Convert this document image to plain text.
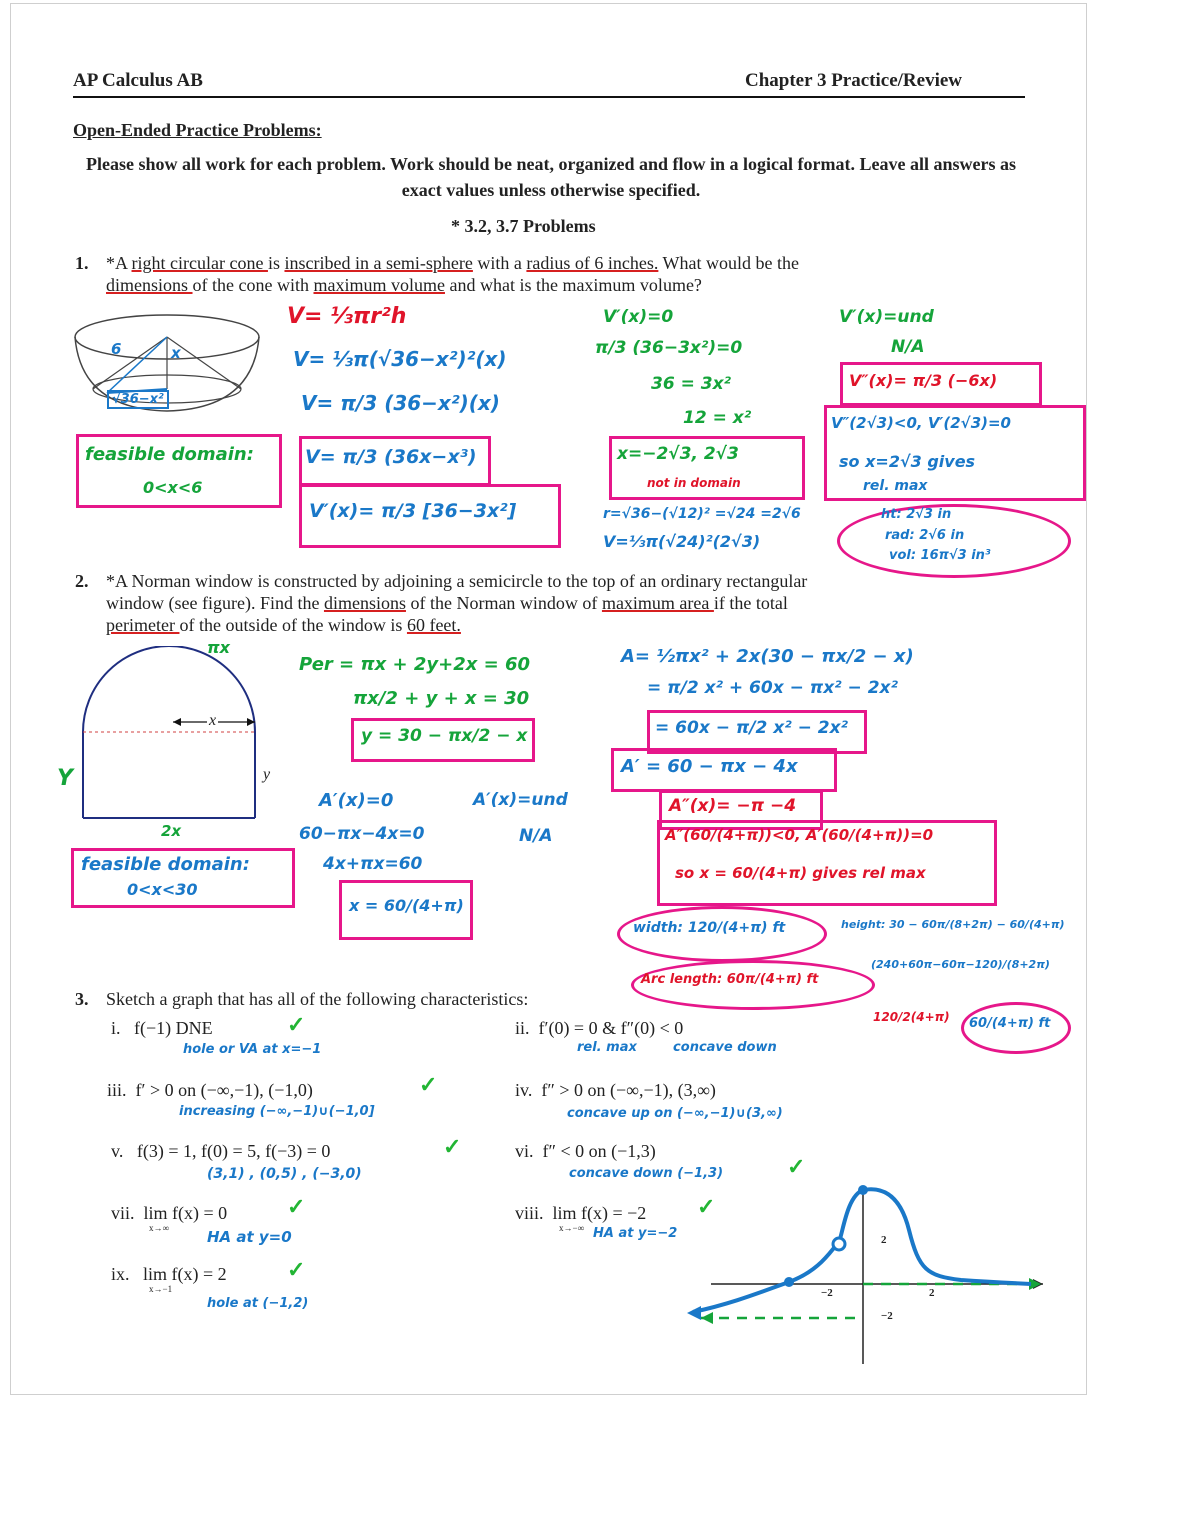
AP Calculus AB	Chapter 3 Practice/Review
Open-Ended Practice Problems:
Please show all work for each problem. Work should be neat, organized and flow in a logical format. Leave all answers as exact values unless otherwise specified.
* 3.2, 3.7 Problems
1. *A right circular cone is inscribed in a semi-sphere with a radius of 6 inches. What would be the
dimensions of the cone with maximum volume and what is the maximum volume?
6	x
√36−x²
V= ⅓πr²h
V= ⅓π(√36−x²)²(x)
V= π/3 (36−x²)(x)
feasible domain:
0<x<6
V= π/3 (36x−x³)
V′(x)= π/3 [36−3x²]
V′(x)=0
π/3 (36−3x²)=0
36 = 3x²
12 = x²
x=−2√3, 2√3
not in domain
r=√36−(√12)² =√24 =2√6
V=⅓π(√24)²(2√3)
V′(x)=und
N/A
V″(x)= π/3 (−6x)
V″(2√3)<0, V′(2√3)=0
so x=2√3 gives
rel. max
ht: 2√3 in
rad: 2√6 in
vol: 16π√3 in³
2. *A Norman window is constructed by adjoining a semicircle to the top of an ordinary rectangular
window (see figure). Find the dimensions of the Norman window of maximum area if the total
perimeter of the outside of the window is 60 feet.
x
y
πx
Y
2x
feasible domain:
0<x<30
Per = πx + 2y+2x = 60
πx/2 + y + x = 30
y = 30 − πx/2 − x
A′(x)=0
60−πx−4x=0
4x+πx=60
x = 60/(4+π)
A′(x)=und
N/A
A= ½πx² + 2x(30 − πx/2 − x)
= π/2 x² + 60x − πx² − 2x²
= 60x − π/2 x² − 2x²
A′ = 60 − πx − 4x
A″(x)= −π −4
A″(60/(4+π))<0, A′(60/(4+π))=0
so x = 60/(4+π) gives rel max
width: 120/(4+π) ft
Arc length: 60π/(4+π) ft
height: 30 − 60π/(8+2π) − 60/(4+π)
(240+60π−60π−120)/(8+2π)
120/2(4+π) 60/(4+π) ft
3. Sketch a graph that has all of the following characteristics:
i. f(−1) DNE	✓
hole or VA at x=−1
iii. f′ > 0 on (−∞,−1), (−1,0)	✓
increasing (−∞,−1)∪(−1,0]
v. f(3) = 1, f(0) = 5, f(−3) = 0	✓
(3,1) , (0,5) , (−3,0)
vii. lim f(x) = 0
x→∞
✓
HA at y=0
ix. lim f(x) = 2
x→−1
✓
hole at (−1,2)
ii. f′(0) = 0 & f″(0) < 0
rel. max        concave down
iv. f″ > 0 on (−∞,−1), (3,∞)
concave up on (−∞,−1)∪(3,∞)
vi. f″ < 0 on (−1,3)
concave down (−1,3)	✓
viii. lim f(x) = −2
x→−∞
✓
HA at y=−2	2
−2
−2	2
